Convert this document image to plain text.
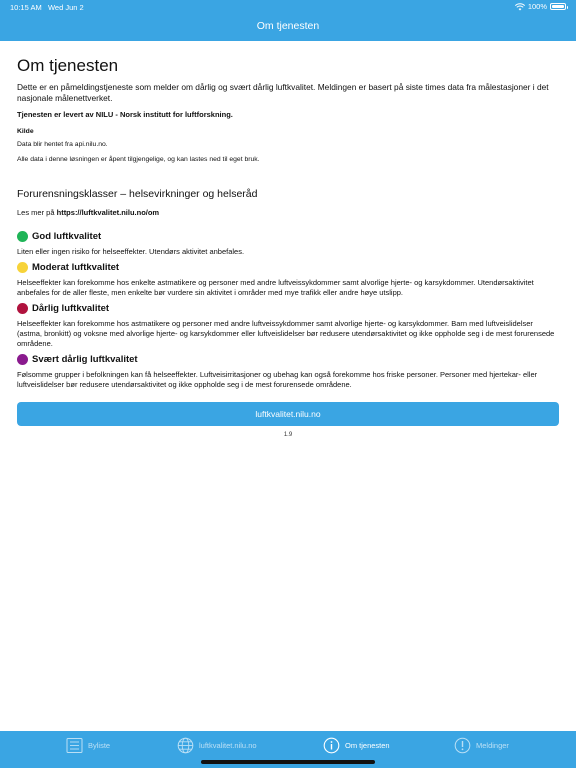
10:15 AM Wed Jun 2	100%
Om tjenesten
Om tjenesten

Dette er en påmeldingstjeneste som melder om dårlig og svært dårlig luftkvalitet. Meldingen er basert på siste times data fra målestasjoner i det nasjonale målenettverket.

Tjenesten er levert av NILU - Norsk institutt for luftforskning.

Kilde

Data blir hentet fra api.nilu.no.

Alle data i denne løsningen er åpent tilgjengelige, og kan lastes ned til eget bruk.

Forurensningsklasser – helsevirkninger og helseråd

Les mer på https://luftkvalitet.nilu.no/om

God luftkvalitet

Liten eller ingen risiko for helseeffekter. Utendørs aktivitet anbefales.

Moderat luftkvalitet

Helseeffekter kan forekomme hos enkelte astmatikere og personer med andre luftveissykdommer samt alvorlige hjerte- og karsykdommer. Utendørsaktivitet anbefales for de aller fleste, men enkelte bør vurdere sin aktivitet i områder med mye trafikk eller andre høye utslipp.

Dårlig luftkvalitet

Helseeffekter kan forekomme hos astmatikere og personer med andre luftveissykdommer samt alvorlige hjerte- og karsykdommer. Barn med luftveislidelser (astma, bronkitt) og voksne med alvorlige hjerte- og karsykdommer eller luftveislidelser bør redusere utendørsaktivitet og ikke oppholde seg i de mest forurensede områdene.

Svært dårlig luftkvalitet

Følsomme grupper i befolkningen kan få helseeffekter. Luftveisirritasjoner og ubehag kan også forekomme hos friske personer. Personer med hjertekar- eller luftveislidelser bør redusere utendørsaktivitet og ikke oppholde seg i de mest forurensede områdene.

luftkvalitet.nilu.no
1.9
Byliste	luftkvalitet.nilu.no	Om tjenesten	Meldinger
